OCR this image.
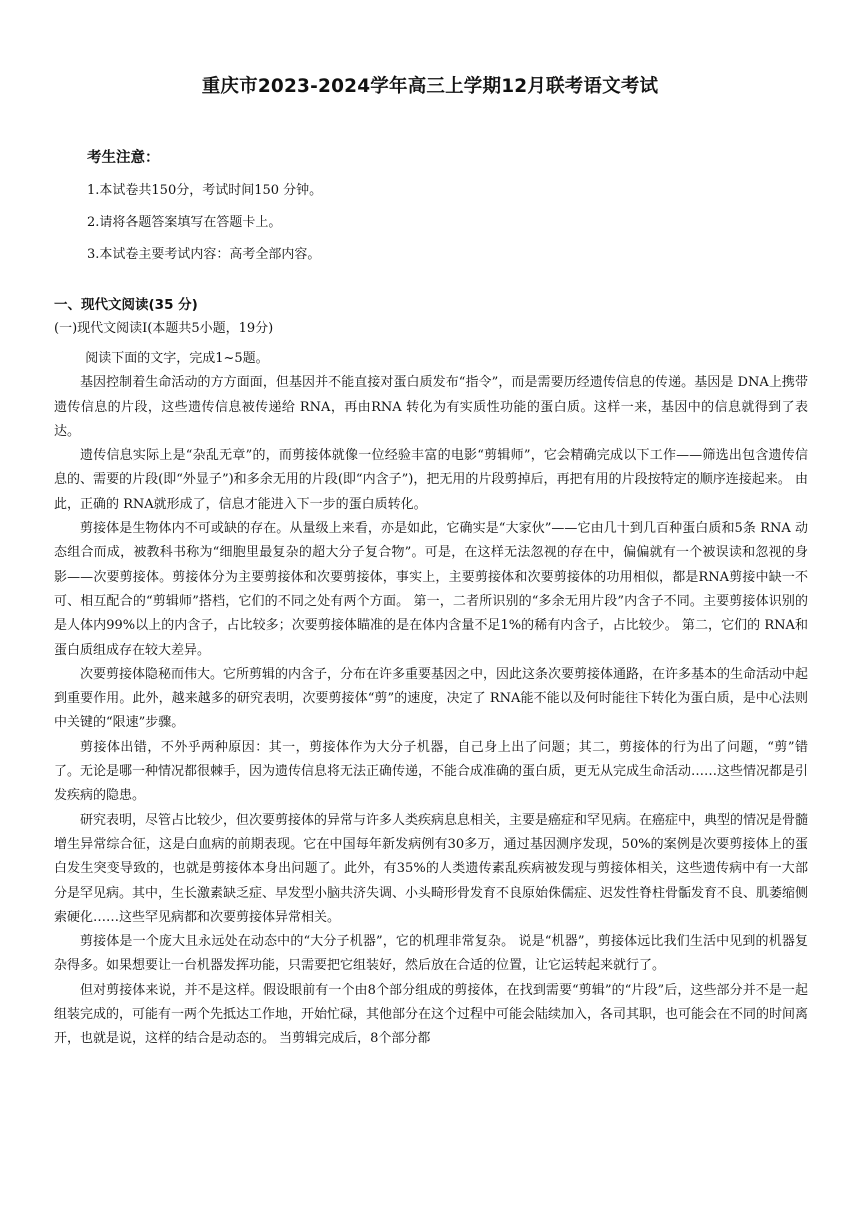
重庆市2023-2024学年高三上学期12月联考语文考试
考生注意：
1.本试卷共150分，考试时间150 分钟。
2.请将各题答案填写在答题卡上。
3.本试卷主要考试内容：高考全部内容。
一、现代文阅读(35 分)
(一)现代文阅读Ⅰ(本题共5小题，19分)

阅读下面的文字，完成1~5题。

基因控制着生命活动的方方面面，但基因并不能直接对蛋白质发布“指令”，而是需要历经遗传信息的传递。基因是 DNA上携带遗传信息的片段，这些遗传信息被传递给 RNA，再由RNA 转化为有实质性功能的蛋白质。这样一来，基因中的信息就得到了表达。

遗传信息实际上是“杂乱无章”的，而剪接体就像一位经验丰富的电影“剪辑师”，它会精确完成以下工作——筛选出包含遗传信息的、需要的片段(即“外显子”)和多余无用的片段(即“内含子”)，把无用的片段剪掉后，再把有用的片段按特定的顺序连接起来。 由此，正确的 RNA就形成了，信息才能进入下一步的蛋白质转化。

剪接体是生物体内不可或缺的存在。从量级上来看，亦是如此，它确实是“大家伙”——它由几十到几百种蛋白质和5条 RNA 动态组合而成，被教科书称为“细胞里最复杂的超大分子复合物”。可是，在这样无法忽视的存在中，偏偏就有一个被误读和忽视的身影——次要剪接体。剪接体分为主要剪接体和次要剪接体，事实上，主要剪接体和次要剪接体的功用相似，都是RNA剪接中缺一不可、相互配合的“剪辑师”搭档，它们的不同之处有两个方面。 第一，二者所识别的“多余无用片段”内含子不同。主要剪接体识别的是人体内99%以上的内含子，占比较多；次要剪接体瞄准的是在体内含量不足1%的稀有内含子，占比较少。 第二，它们的 RNA和蛋白质组成存在较大差异。

次要剪接体隐秘而伟大。它所剪辑的内含子，分布在许多重要基因之中，因此这条次要剪接体通路，在许多基本的生命活动中起到重要作用。此外，越来越多的研究表明，次要剪接体“剪”的速度，决定了 RNA能不能以及何时能往下转化为蛋白质，是中心法则中关键的“限速”步骤。

剪接体出错，不外乎两种原因：其一，剪接体作为大分子机器，自己身上出了问题；其二，剪接体的行为出了问题，“剪”错了。无论是哪一种情况都很棘手，因为遗传信息将无法正确传递，不能合成准确的蛋白质，更无从完成生命活动……这些情况都是引发疾病的隐患。

研究表明，尽管占比较少，但次要剪接体的异常与许多人类疾病息息相关，主要是癌症和罕见病。在癌症中，典型的情况是骨髓增生异常综合征，这是白血病的前期表现。它在中国每年新发病例有30多万，通过基因测序发现，50%的案例是次要剪接体上的蛋白发生突变导致的，也就是剪接体本身出问题了。此外，有35%的人类遗传素乱疾病被发现与剪接体相关，这些遗传病中有一大部分是罕见病。其中，生长激素缺乏症、早发型小脑共济失调、小头畸形骨发育不良原始侏儒症、迟发性脊柱骨骺发育不良、肌萎缩侧索硬化……这些罕见病都和次要剪接体异常相关。

剪接体是一个庞大且永远处在动态中的“大分子机器”，它的机理非常复杂。 说是“机器”，剪接体远比我们生活中见到的机器复杂得多。如果想要让一台机器发挥功能，只需要把它组装好，然后放在合适的位置，让它运转起来就行了。

但对剪接体来说，并不是这样。假设眼前有一个由8个部分组成的剪接体，在找到需要“剪辑”的“片段”后，这些部分并不是一起组装完成的，可能有一两个先抵达工作地，开始忙碌，其他部分在这个过程中可能会陆续加入，各司其职，也可能会在不同的时间离开，也就是说，这样的结合是动态的。 当剪辑完成后，8个部分都
